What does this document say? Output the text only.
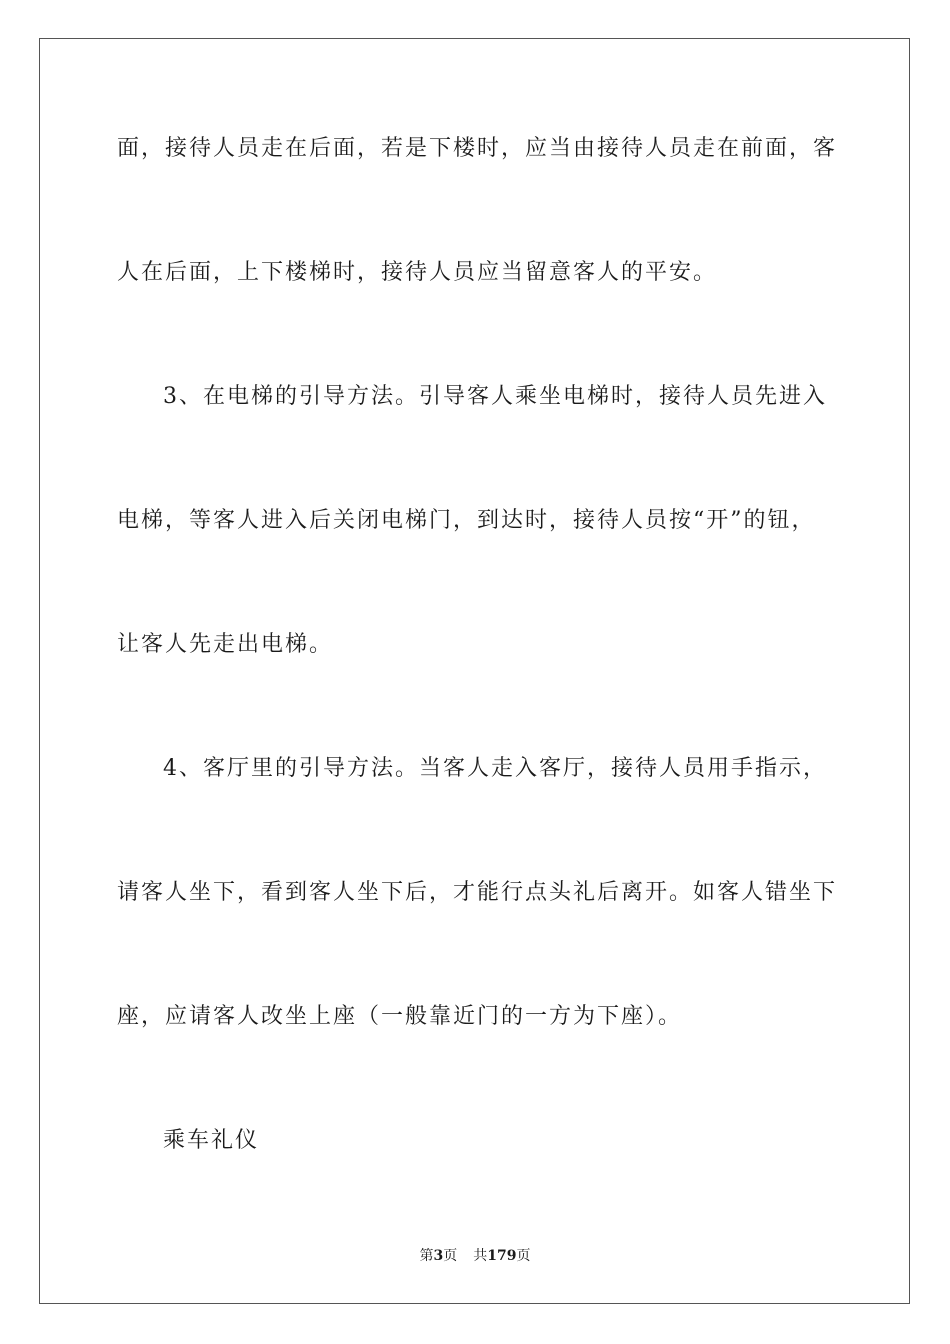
面，接待人员走在后面，若是下楼时，应当由接待人员走在前面，客
人在后面，上下楼梯时，接待人员应当留意客人的平安。
3、在电梯的引导方法。引导客人乘坐电梯时，接待人员先进入
电梯，等客人进入后关闭电梯门，到达时，接待人员按“开”的钮，
让客人先走出电梯。
4、客厅里的引导方法。当客人走入客厅，接待人员用手指示，
请客人坐下，看到客人坐下后，才能行点头礼后离开。如客人错坐下
座，应请客人改坐上座（一般靠近门的一方为下座）。
乘车礼仪
第3页 共179页
